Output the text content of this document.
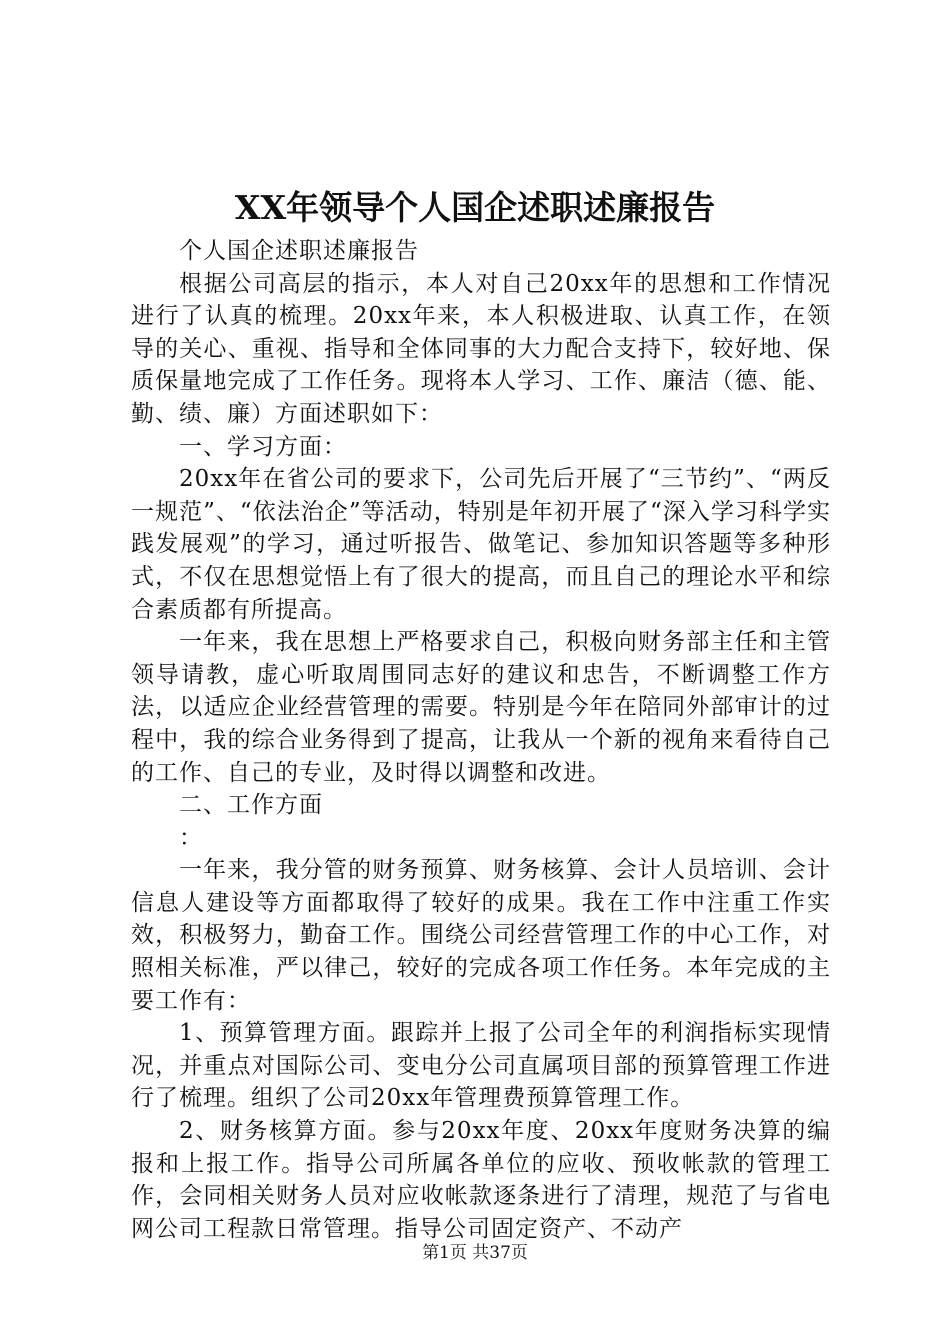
XX年领导个人国企述职述廉报告

个人国企述职述廉报告

根据公司高层的指示，本人对自己20xx年的思想和工作情况进行了认真的梳理。20xx年来，本人积极进取、认真工作，在领导的关心、重视、指导和全体同事的大力配合支持下，较好地、保质保量地完成了工作任务。现将本人学习、工作、廉洁（德、能、勤、绩、廉）方面述职如下：

一、学习方面：

20xx年在省公司的要求下，公司先后开展了“三节约”、“两反一规范”、“依法治企”等活动，特别是年初开展了“深入学习科学实践发展观”的学习，通过听报告、做笔记、参加知识答题等多种形式，不仅在思想觉悟上有了很大的提高，而且自己的理论水平和综合素质都有所提高。

一年来，我在思想上严格要求自己，积极向财务部主任和主管领导请教，虚心听取周围同志好的建议和忠告，不断调整工作方法，以适应企业经营管理的需要。特别是今年在陪同外部审计的过程中，我的综合业务得到了提高，让我从一个新的视角来看待自己的工作、自己的专业，及时得以调整和改进。

二、工作方面

：

一年来，我分管的财务预算、财务核算、会计人员培训、会计信息人建设等方面都取得了较好的成果。我在工作中注重工作实效，积极努力，勤奋工作。围绕公司经营管理工作的中心工作，对照相关标准，严以律己，较好的完成各项工作任务。本年完成的主要工作有：

1、预算管理方面。跟踪并上报了公司全年的利润指标实现情况，并重点对国际公司、变电分公司直属项目部的预算管理工作进行了梳理。组织了公司20xx年管理费预算管理工作。

2、财务核算方面。参与20xx年度、20xx年度财务决算的编报和上报工作。指导公司所属各单位的应收、预收帐款的管理工作，会同相关财务人员对应收帐款逐条进行了清理，规范了与省电网公司工程款日常管理。指导公司固定资产、不动产

第1页 共37页
